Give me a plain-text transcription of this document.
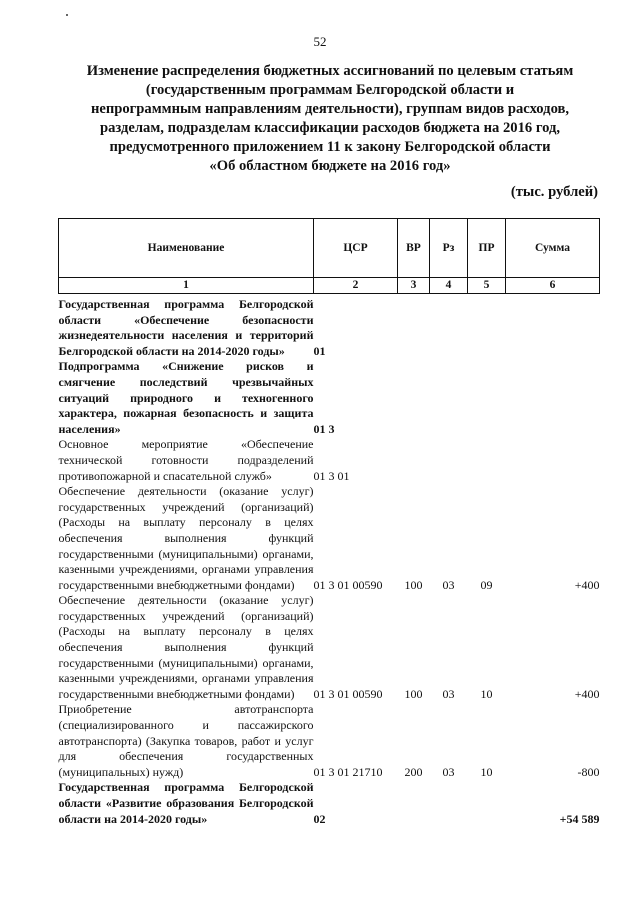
52
Изменение распределения бюджетных ассигнований по целевым статьям
(государственным программам Белгородской области и
непрограммным направлениям деятельности), группам видов расходов,
разделам, подразделам классификации расходов бюджета на 2016 год,
предусмотренного приложением 11 к закону Белгородской области
«Об областном бюджете на 2016 год»
(тыс. рублей)
Наименование	ЦСР	ВР	Рз	ПР	Сумма
1	2	3	4	5	6
Государственная программа Белгородской области «Обеспечение безопасности жизнедеятельности населения и территорий Белгородской области на 2014-2020 годы»	01				
Подпрограмма «Снижение рисков и смягчение последствий чрезвычайных ситуаций природного и техногенного характера, пожарная безопасность и защита населения»	01 3				
Основное мероприятие «Обеспечение технической готовности подразделений противопожарной и спасательной служб»	01 3 01				
Обеспечение деятельности (оказание услуг) государственных учреждений (организаций) (Расходы на выплату персоналу в целях обеспечения выполнения функций государственными (муниципальными) органами, казенными учреждениями, органами управления государственными внебюджетными фондами)	01 3 01 00590	100	03	09	+400
Обеспечение деятельности (оказание услуг) государственных учреждений (организаций) (Расходы на выплату персоналу в целях обеспечения выполнения функций государственными (муниципальными) органами, казенными учреждениями, органами управления государственными внебюджетными фондами)	01 3 01 00590	100	03	10	+400
Приобретение автотранспорта (специализированного и пассажирского автотранспорта) (Закупка товаров, работ и услуг для обеспечения государственных (муниципальных) нужд)	01 3 01 21710	200	03	10	-800
Государственная программа Белгородской области «Развитие образования Белгородской области на 2014-2020 годы»	02				+54 589
